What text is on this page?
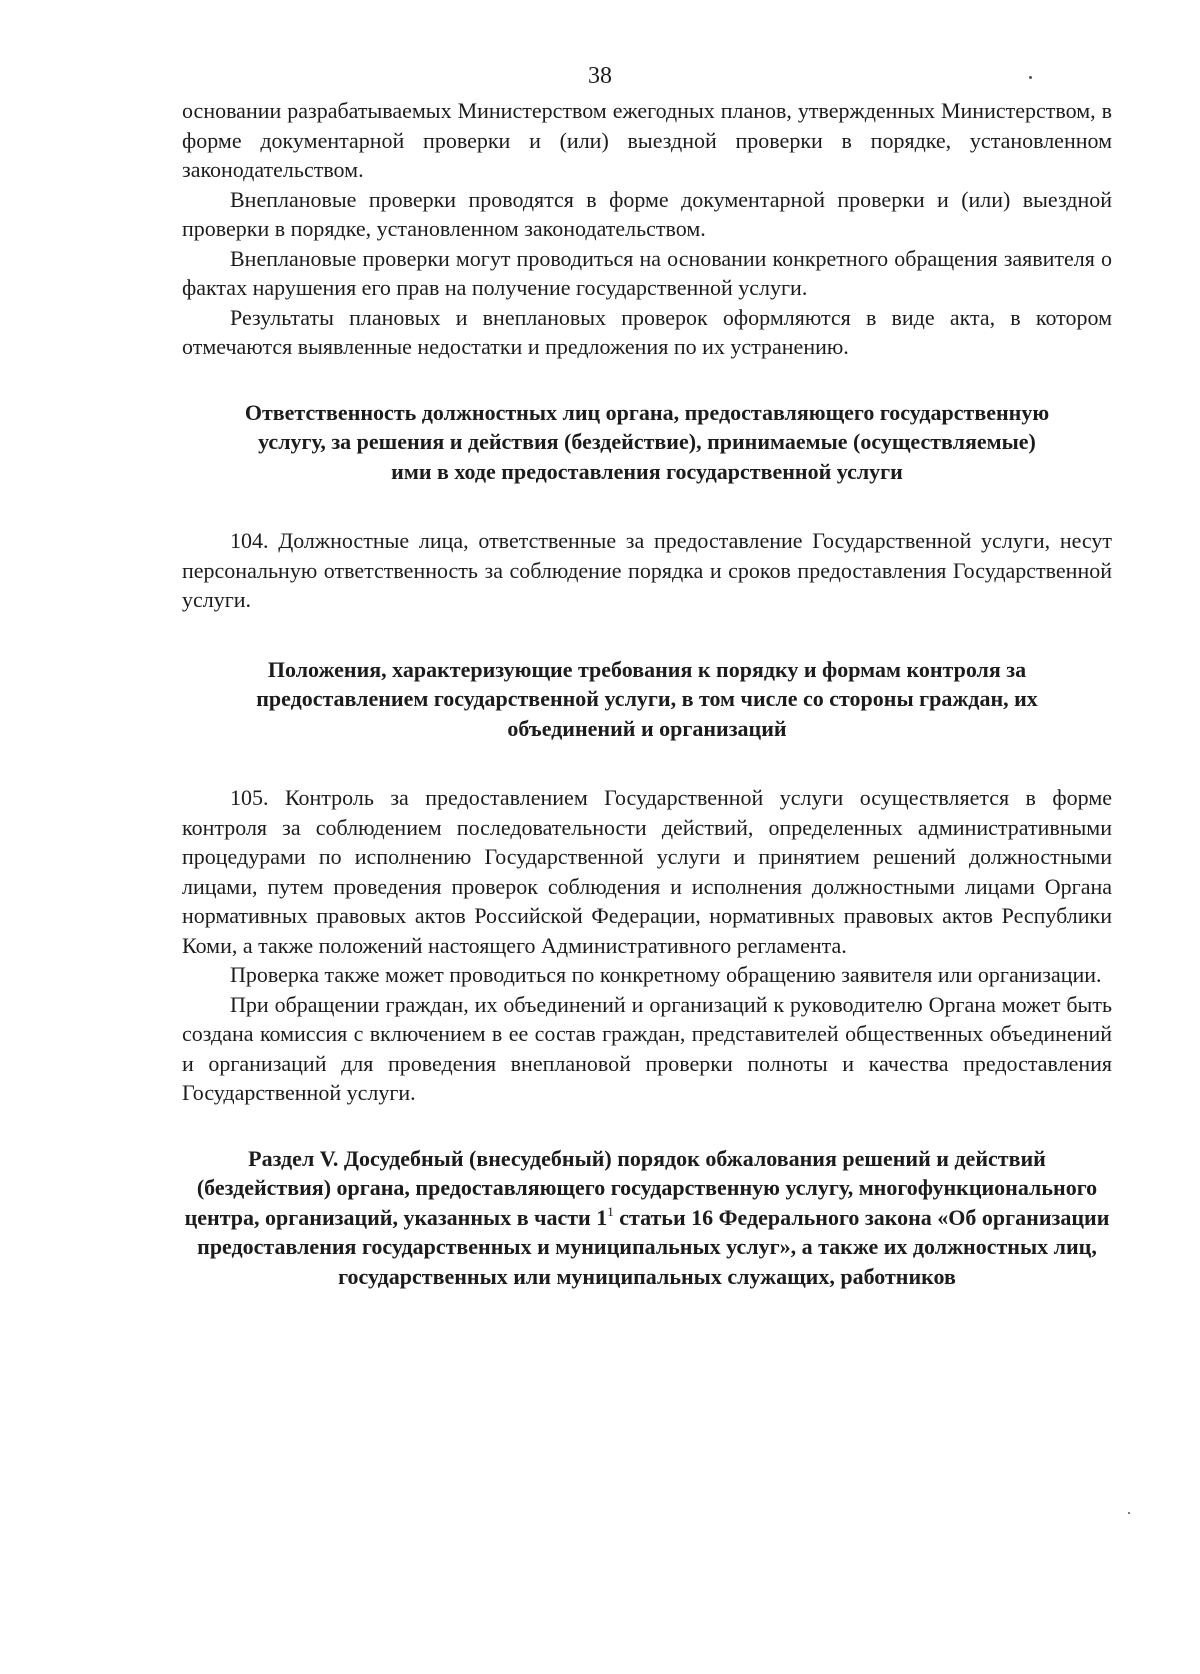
38

основании разрабатываемых Министерством ежегодных планов, утвержденных Министерством, в форме документарной проверки и (или) выездной проверки в порядке, установленном законодательством.

Внеплановые проверки проводятся в форме документарной проверки и (или) выездной проверки в порядке, установленном законодательством.

Внеплановые проверки могут проводиться на основании конкретного обращения заявителя о фактах нарушения его прав на получение государственной услуги.

Результаты плановых и внеплановых проверок оформляются в виде акта, в котором отмечаются выявленные недостатки и предложения по их устранению.

Ответственность должностных лиц органа, предоставляющего государственную услугу, за решения и действия (бездействие), принимаемые (осуществляемые) ими в ходе предоставления государственной услуги

104. Должностные лица, ответственные за предоставление Государственной услуги, несут персональную ответственность за соблюдение порядка и сроков предоставления Государственной услуги.

Положения, характеризующие требования к порядку и формам контроля за предоставлением государственной услуги, в том числе со стороны граждан, их объединений и организаций

105. Контроль за предоставлением Государственной услуги осуществляется в форме контроля за соблюдением последовательности действий, определенных административными процедурами по исполнению Государственной услуги и принятием решений должностными лицами, путем проведения проверок соблюдения и исполнения должностными лицами Органа нормативных правовых актов Российской Федерации, нормативных правовых актов Республики Коми, а также положений настоящего Административного регламента.

Проверка также может проводиться по конкретному обращению заявителя или организации.

При обращении граждан, их объединений и организаций к руководителю Органа может быть создана комиссия с включением в ее состав граждан, представителей общественных объединений и организаций для проведения внеплановой проверки полноты и качества предоставления Государственной услуги.

Раздел V. Досудебный (внесудебный) порядок обжалования решений и действий (бездействия) органа, предоставляющего государственную услугу, многофункционального центра, организаций, указанных в части 1$^1$ статьи 16 Федерального закона «Об организации предоставления государственных и муниципальных услуг», а также их должностных лиц, государственных или муниципальных служащих, работников
